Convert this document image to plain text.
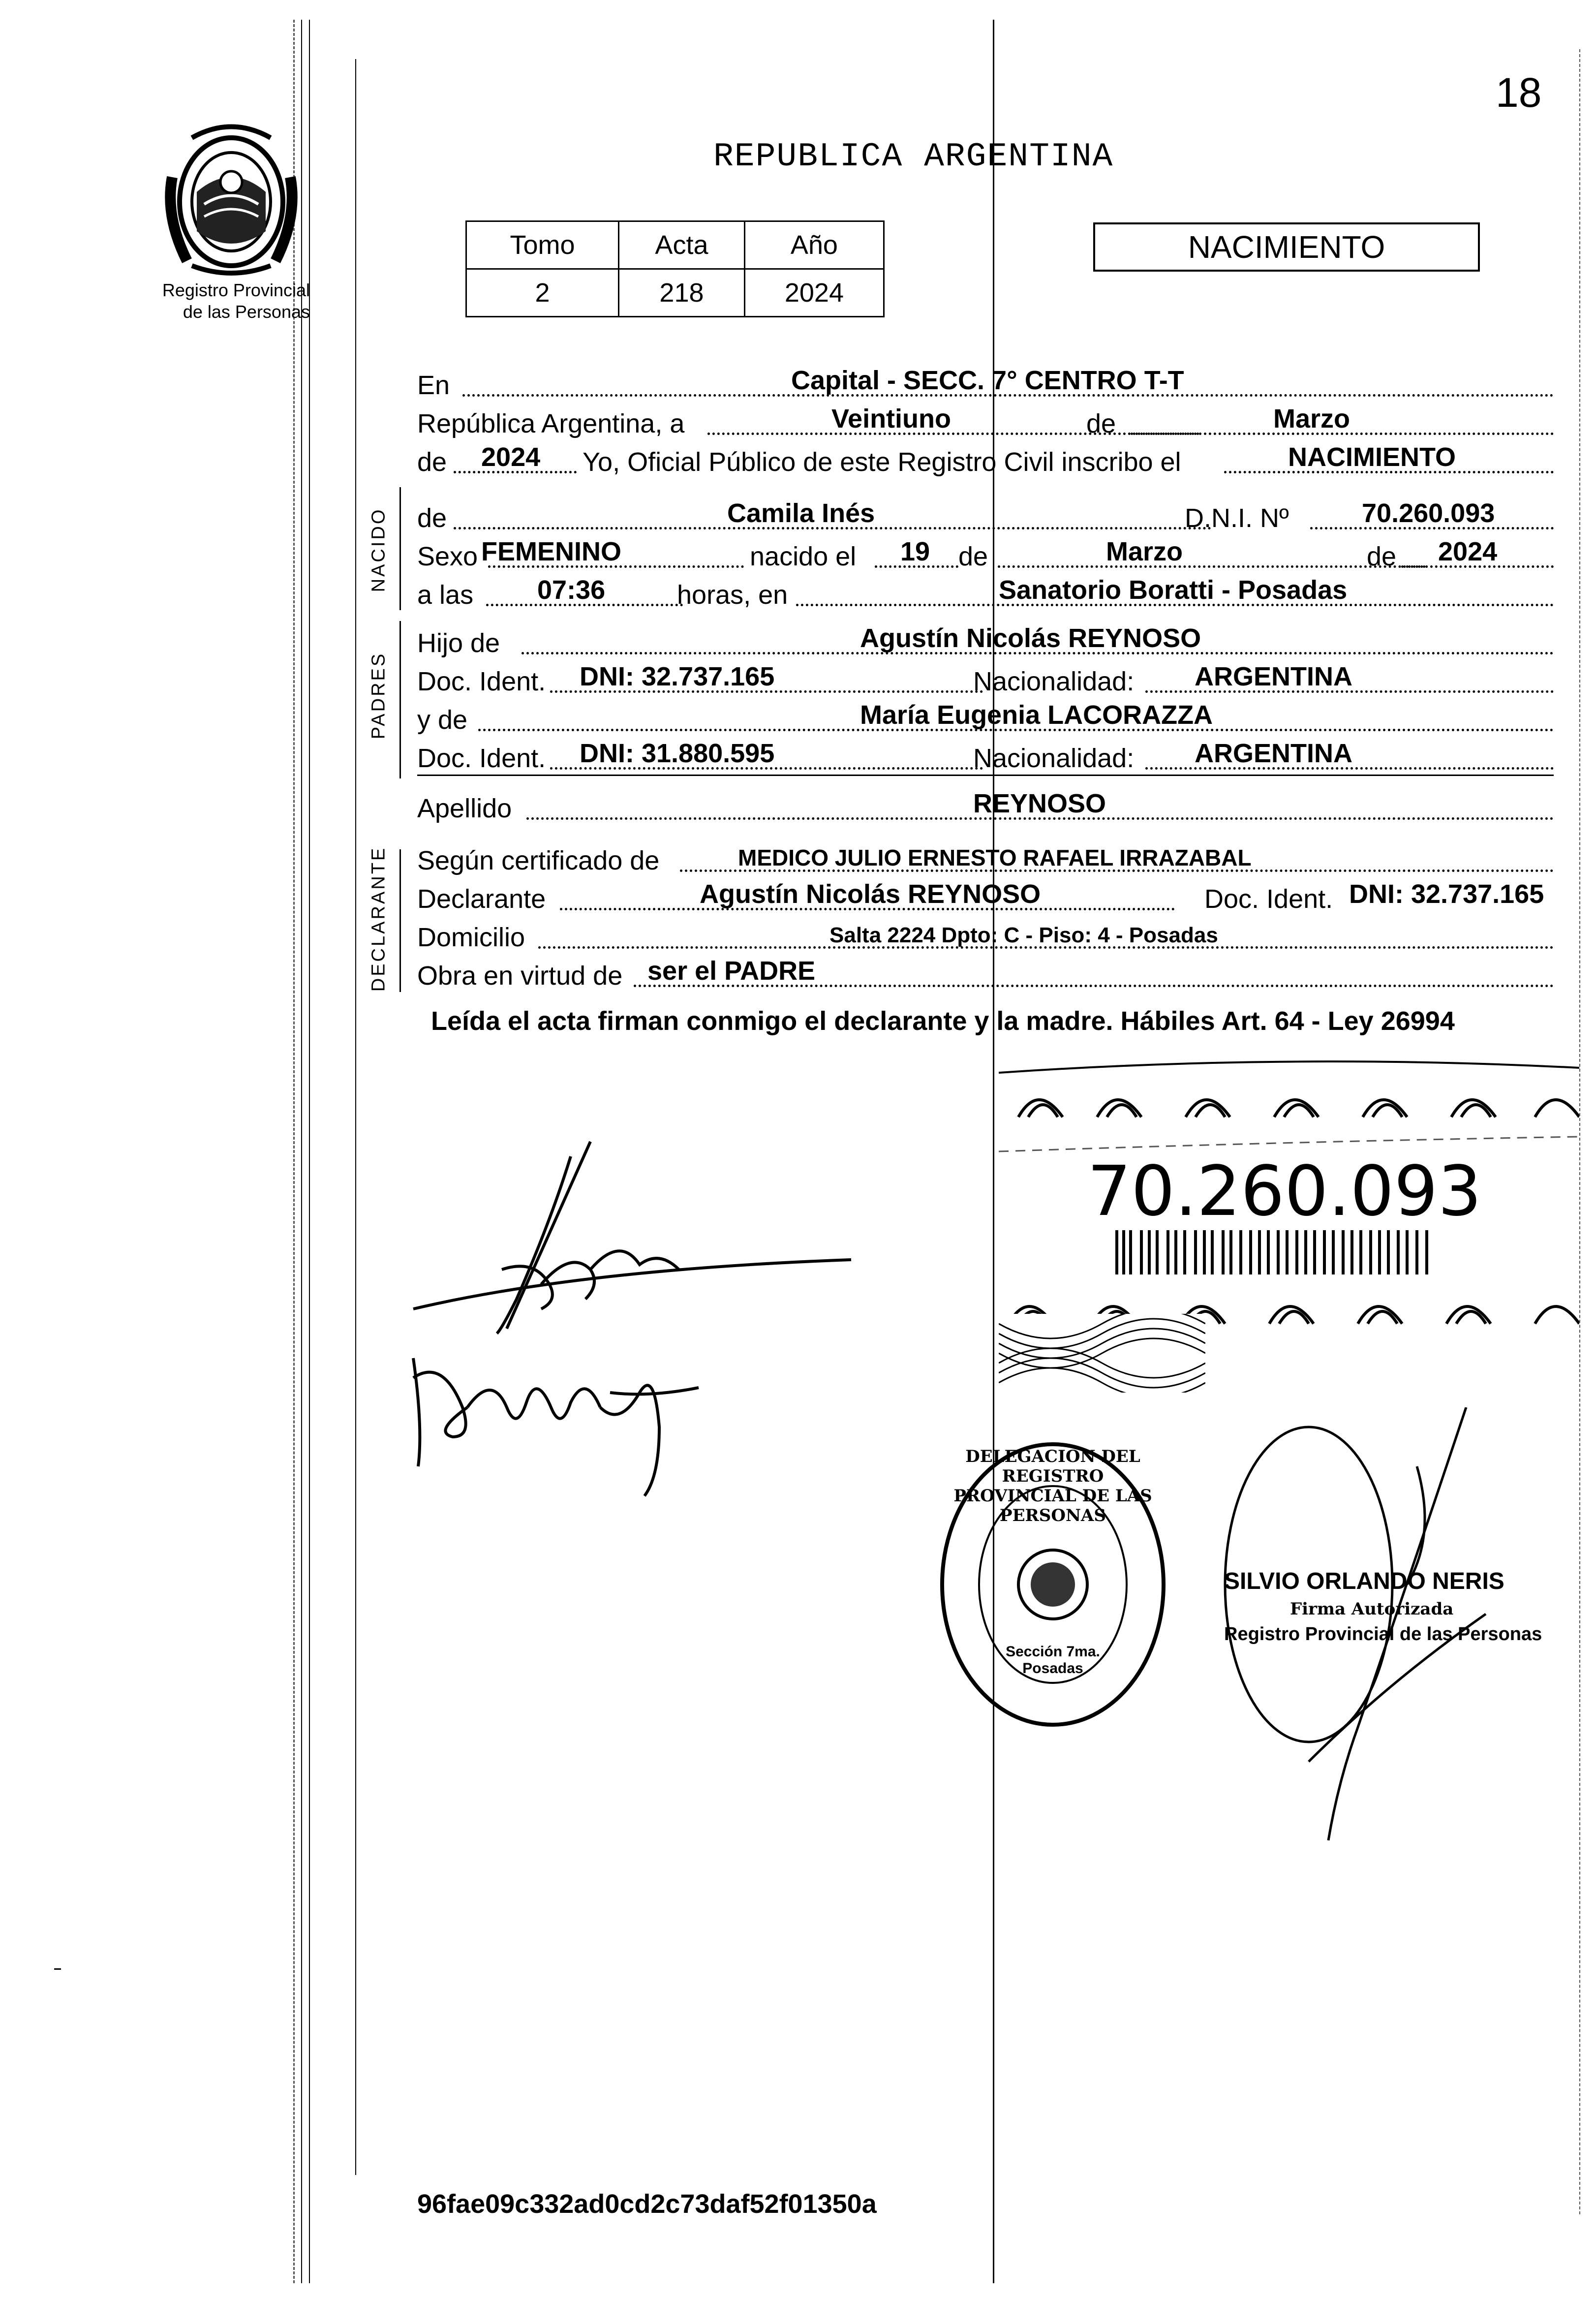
18
Registro Provincial
de las Personas
REPUBLICA ARGENTINA
Tomo	Acta	Año
2	218	2024
NACIMIENTO
En	Capital - SECC. 7° CENTRO T-T
República Argentina, a	Veintiuno	de	Marzo
de 2024 Yo, Oficial Público de este Registro Civil inscribo el	NACIMIENTO
NACIDO de	Camila Inés	D.N.I. Nº	70.260.093
Sexo FEMENINO	nacido el 19 de	Marzo	de 2024
a las 07:36	horas, en	Sanatorio Boratti - Posadas
PADRES
Hijo de	Agustín Nicolás REYNOSO
Doc. Ident. DNI: 32.737.165	Nacionalidad: ARGENTINA
y de	María Eugenia LACORAZZA
Doc. Ident. DNI: 31.880.595	Nacionalidad: ARGENTINA
Apellido	REYNOSO
DECLARANTE Según certificado de	MEDICO JULIO ERNESTO RAFAEL IRRAZABAL
Declarante	Agustín Nicolás REYNOSO	Doc. Ident. DNI: 32.737.165
Domicilio	Salta 2224 Dpto: C - Piso: 4 - Posadas
Obra en virtud de ser el PADRE
Leída el acta firman conmigo el declarante y la madre. Hábiles Art. 64 - Ley 26994
70.260.093
DELEGACION DEL REGISTRO PROVINCIAL DE LAS PERSONAS
Sección 7ma. Posadas
SILVIO ORLANDO NERIS
Firma Autorizada
Registro Provincial de las Personas
96fae09c332ad0cd2c73daf52f01350a
